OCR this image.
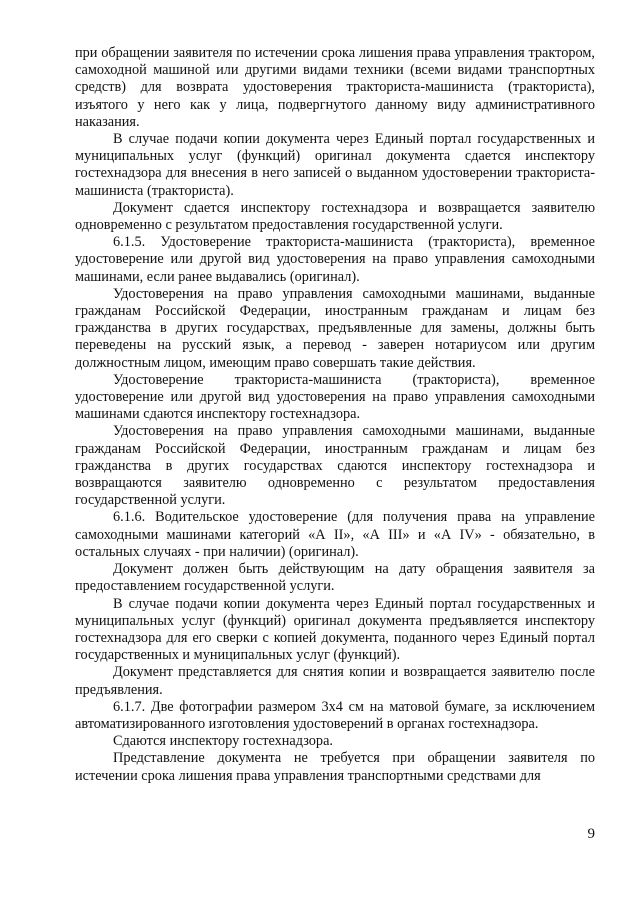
при обращении заявителя по истечении срока лишения права управления трактором, самоходной машиной или другими видами техники (всеми видами транспортных средств) для возврата удостоверения тракториста-машиниста (тракториста), изъятого у него как у лица, подвергнутого данному виду административного наказания.

В случае подачи копии документа через Единый портал государственных и муниципальных услуг (функций) оригинал документа сдается инспектору гостехнадзора для внесения в него записей о выданном удостоверении тракториста-машиниста (тракториста).

Документ сдается инспектору гостехнадзора и возвращается заявителю одновременно с результатом предоставления государственной услуги.

6.1.5. Удостоверение тракториста-машиниста (тракториста), временное удостоверение или другой вид удостоверения на право управления самоходными машинами, если ранее выдавались (оригинал).

Удостоверения на право управления самоходными машинами, выданные гражданам Российской Федерации, иностранным гражданам и лицам без гражданства в других государствах, предъявленные для замены, должны быть переведены на русский язык, а перевод - заверен нотариусом или другим должностным лицом, имеющим право совершать такие действия.

Удостоверение тракториста-машиниста (тракториста), временное удостоверение или другой вид удостоверения на право управления самоходными машинами сдаются инспектору гостехнадзора.

Удостоверения на право управления самоходными машинами, выданные гражданам Российской Федерации, иностранным гражданам и лицам без гражданства в других государствах сдаются инспектору гостехнадзора и возвращаются заявителю одновременно с результатом предоставления государственной услуги.

6.1.6. Водительское удостоверение (для получения права на управление самоходными машинами категорий «А II», «А III» и «А IV» - обязательно, в остальных случаях - при наличии) (оригинал).

Документ должен быть действующим на дату обращения заявителя за предоставлением государственной услуги.

В случае подачи копии документа через Единый портал государственных и муниципальных услуг (функций) оригинал документа предъявляется инспектору гостехнадзора для его сверки с копией документа, поданного через Единый портал государственных и муниципальных услуг (функций).

Документ представляется для снятия копии и возвращается заявителю после предъявления.

6.1.7. Две фотографии размером 3х4 см на матовой бумаге, за исключением автоматизированного изготовления удостоверений в органах гостехнадзора.

Сдаются инспектору гостехнадзора.

Представление документа не требуется при обращении заявителя по истечении срока лишения права управления транспортными средствами для

9
